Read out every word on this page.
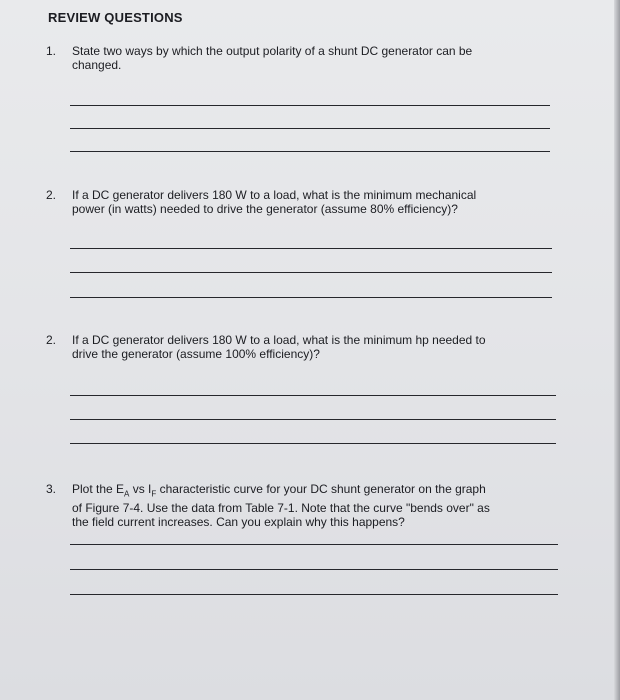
REVIEW QUESTIONS
1. State two ways by which the output polarity of a shunt DC generator can be
changed.
2. If a DC generator delivers 180 W to a load, what is the minimum mechanical
power (in watts) needed to drive the generator (assume 80% efficiency)?
2. If a DC generator delivers 180 W to a load, what is the minimum hp needed to
drive the generator (assume 100% efficiency)?
3. Plot the $E_A$ vs $I_F$ characteristic curve for your DC shunt generator on the graph
of Figure 7-4. Use the data from Table 7-1. Note that the curve "bends over" as
the field current increases. Can you explain why this happens?
